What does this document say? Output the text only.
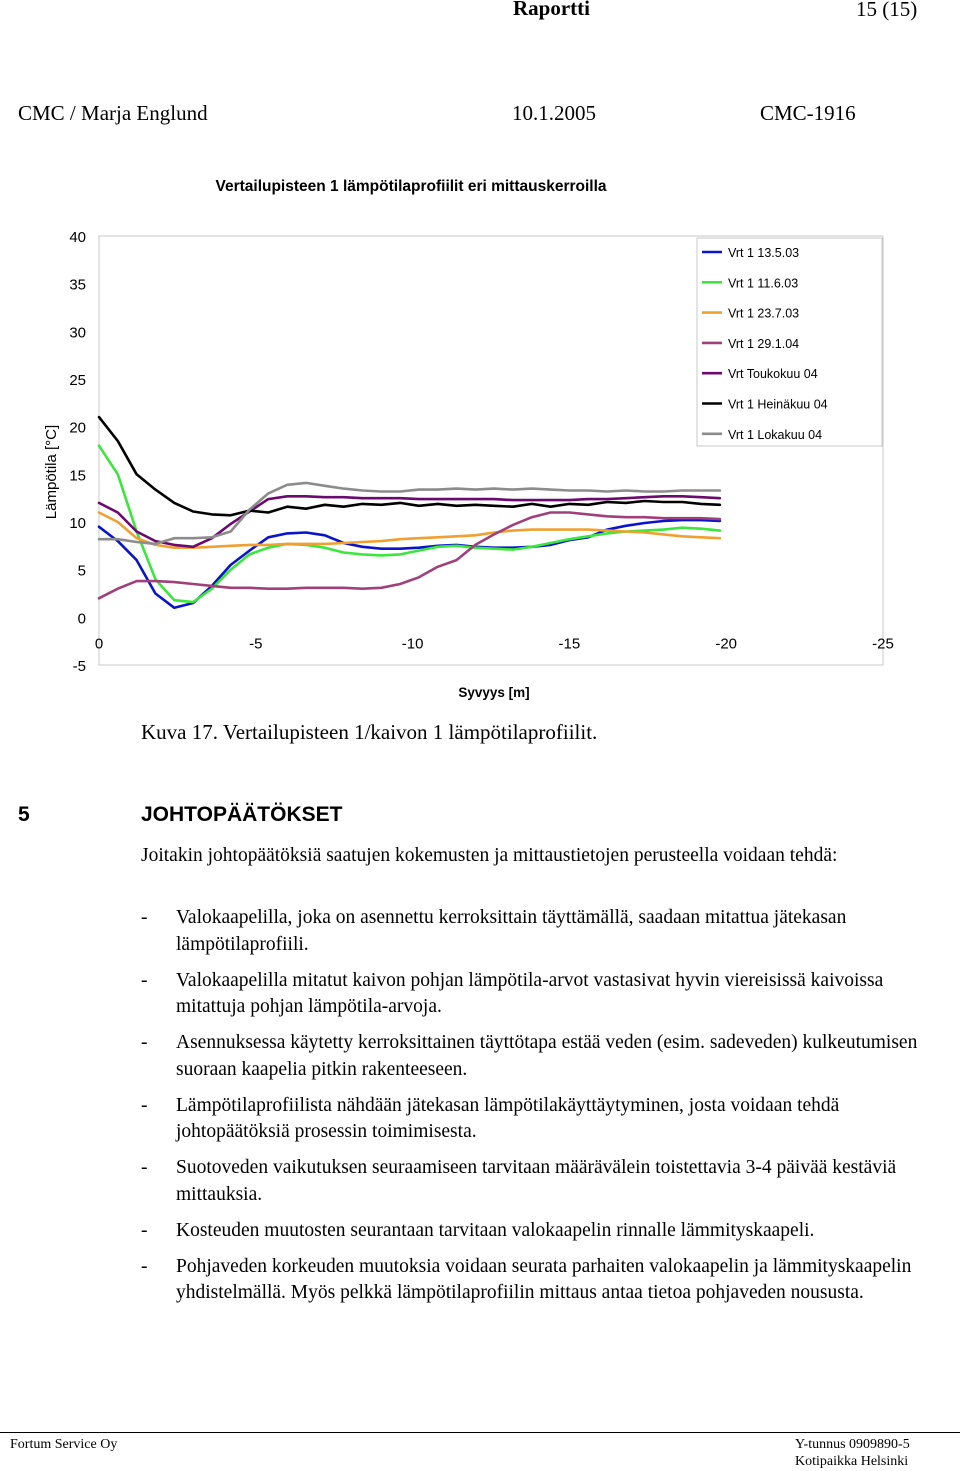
Raportti	15 (15)
CMC / Marja Englund	10.1.2005	CMC-1916
Vertailupisteen 1 lämpötilaprofiilit eri mittauskerroilla
40
35
30
25
20
15
10
5
0
-5
0	-5	-10	-15	-20	-25
Syvyys [m]
Lämpötila [°C]
Vrt 1 13.5.03
Vrt 1 11.6.03
Vrt 1 23.7.03
Vrt 1 29.1.04
Vrt Toukokuu 04
Vrt 1 Heinäkuu 04
Vrt 1 Lokakuu 04
Kuva 17. Vertailupisteen 1/kaivon 1 lämpötilaprofiilit.
5	JOHTOPÄÄTÖKSET
Joitakin johtopäätöksiä saatujen kokemusten ja mittaustietojen perusteella voidaan tehdä:
- Valokaapelilla, joka on asennettu kerroksittain täyttämällä, saadaan mitattua jätekasan lämpötilaprofiili.
- Valokaapelilla mitatut kaivon pohjan lämpötila-arvot vastasivat hyvin viereisissä kaivoissa mitattuja pohjan lämpötila-arvoja.
- Asennuksessa käytetty kerroksittainen täyttötapa estää veden (esim. sadeveden) kulkeutumisen suoraan kaapelia pitkin rakenteeseen.
- Lämpötilaprofiilista nähdään jätekasan lämpötilakäyttäytyminen, josta voidaan tehdä johtopäätöksiä prosessin toimimisesta.
- Suotoveden vaikutuksen seuraamiseen tarvitaan määrävälein toistettavia 3-4 päivää kestäviä mittauksia.
- Kosteuden muutosten seurantaan tarvitaan valokaapelin rinnalle lämmityskaapeli.
- Pohjaveden korkeuden muutoksia voidaan seurata parhaiten valokaapelin ja lämmityskaapelin yhdistelmällä. Myös pelkkä lämpötilaprofiilin mittaus antaa tietoa pohjaveden noususta.
Fortum Service Oy	Y-tunnus 0909890-5
Kotipaikka Helsinki
